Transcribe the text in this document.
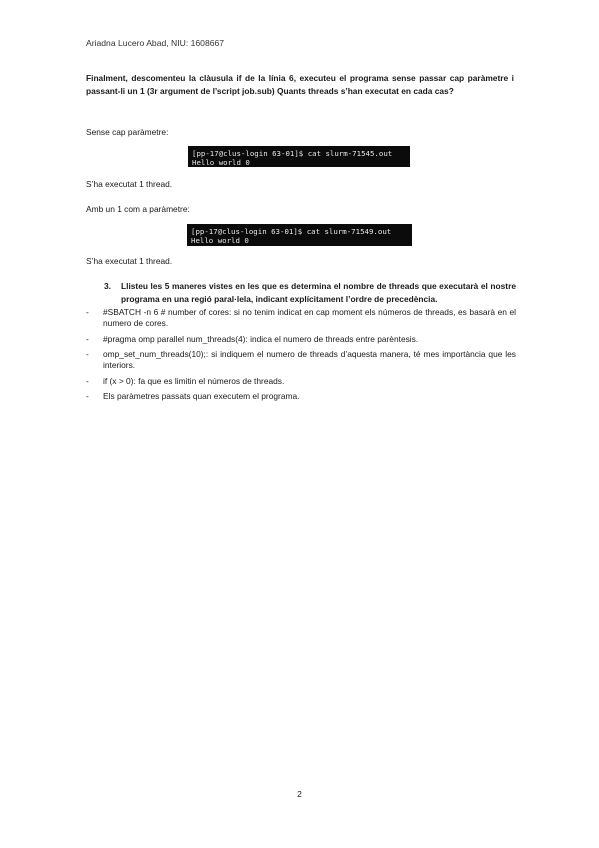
Ariadna Lucero Abad, NIU: 1608667
Finalment, descomenteu la clàusula if de la línia 6, executeu el programa sense passar cap paràmetre i passant-li un 1 (3r argument de l’script job.sub) Quants threads s’han executat en cada cas?
Sense cap paràmetre:
[pp-17@clus-login 63-01]$ cat slurm-71545.out
Hello world 0
S’ha executat 1 thread.
Amb un 1 com a paràmetre:
[pp-17@clus-login 63-01]$ cat slurm-71549.out
Hello world 0
S’ha executat 1 thread.
3. Llisteu les 5 maneres vistes en les que es determina el nombre de threads que executarà el nostre programa en una regió paral·lela, indicant explícitament l’ordre de precedència.
- #SBATCH -n 6 # number of cores: si no tenim indicat en cap moment els números de threads, es basarà en el numero de cores.
- #pragma omp parallel num_threads(4): indica el numero de threads entre parèntesis.
- omp_set_num_threads(10);: si indiquem el numero de threads d’aquesta manera, té mes importància que les interiors.
- if (x > 0): fa que es limitin el números de threads.
- Els paràmetres passats quan executem el programa.
2
